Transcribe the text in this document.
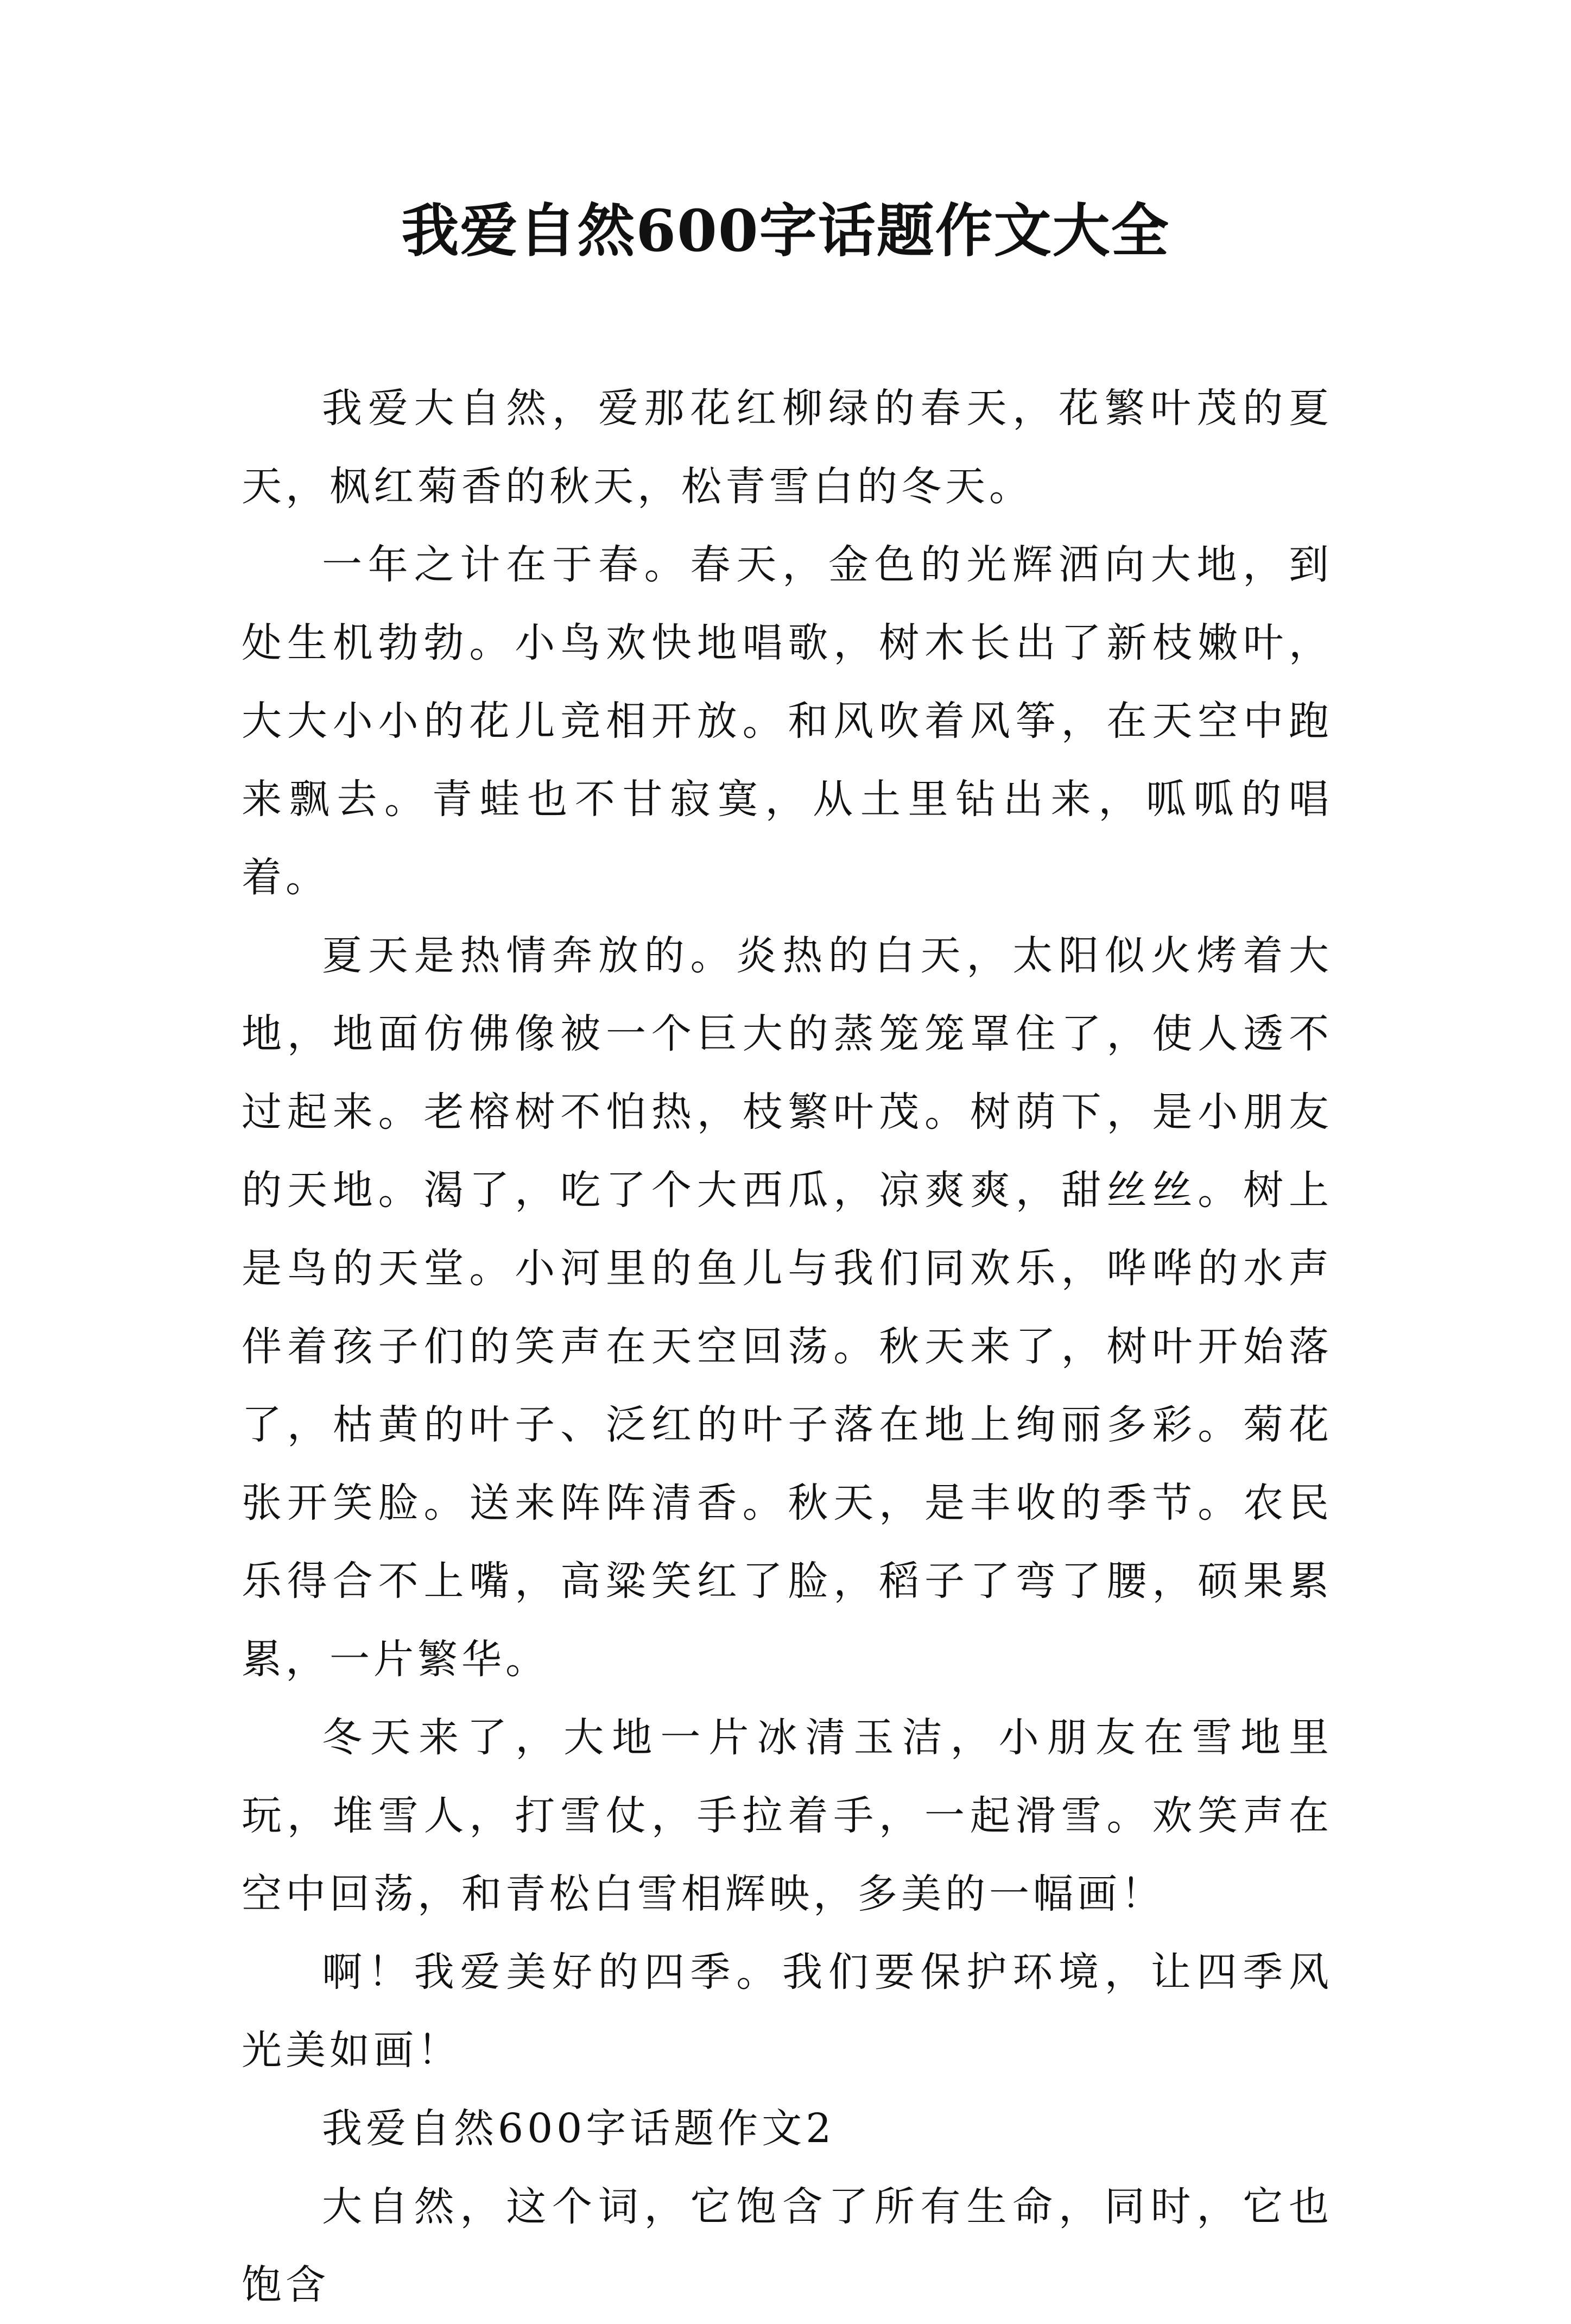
我爱自然600字话题作文大全

我爱大自然，爱那花红柳绿的春天，花繁叶茂的夏天，枫红菊香的秋天，松青雪白的冬天。

一年之计在于春。春天，金色的光辉洒向大地，到处生机勃勃。小鸟欢快地唱歌，树木长出了新枝嫩叶，大大小小的花儿竞相开放。和风吹着风筝，在天空中跑来飘去。青蛙也不甘寂寞，从土里钻出来，呱呱的唱着。

夏天是热情奔放的。炎热的白天，太阳似火烤着大地，地面仿佛像被一个巨大的蒸笼笼罩住了，使人透不过起来。老榕树不怕热，枝繁叶茂。树荫下，是小朋友的天地。渴了，吃了个大西瓜，凉爽爽，甜丝丝。树上是鸟的天堂。小河里的鱼儿与我们同欢乐，哗哗的水声伴着孩子们的笑声在天空回荡。秋天来了，树叶开始落了，枯黄的叶子、泛红的叶子落在地上绚丽多彩。菊花张开笑脸。送来阵阵清香。秋天，是丰收的季节。农民乐得合不上嘴，高粱笑红了脸，稻子了弯了腰，硕果累累，一片繁华。

冬天来了，大地一片冰清玉洁，小朋友在雪地里玩，堆雪人，打雪仗，手拉着手，一起滑雪。欢笑声在空中回荡，和青松白雪相辉映，多美的一幅画！

啊！我爱美好的四季。我们要保护环境，让四季风光美如画！

我爱自然600字话题作文2

大自然，这个词，它饱含了所有生命，同时，它也饱含
